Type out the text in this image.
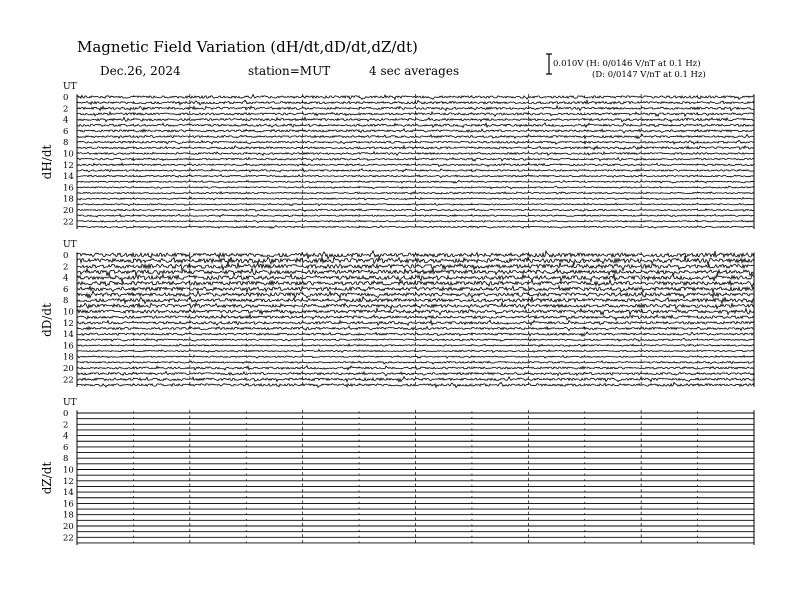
Magnetic Field Variation (dH/dt,dD/dt,dZ/dt)
Dec.26, 2024	station=MUT	4 sec averages	0.010V (H: 0/0146 V/nT at 0.1 Hz)
(D: 0/0147 V/nT at 0.1 Hz)
UT
dH/dt
0
2
4
6
8
10
12
14
16
18
20
22
UT
dD/dt
0
2
4
6
8
10
12
14
16
18
20
22
UT
dZ/dt
0
2
4
6
8
10
12
14
16
18
20
22
